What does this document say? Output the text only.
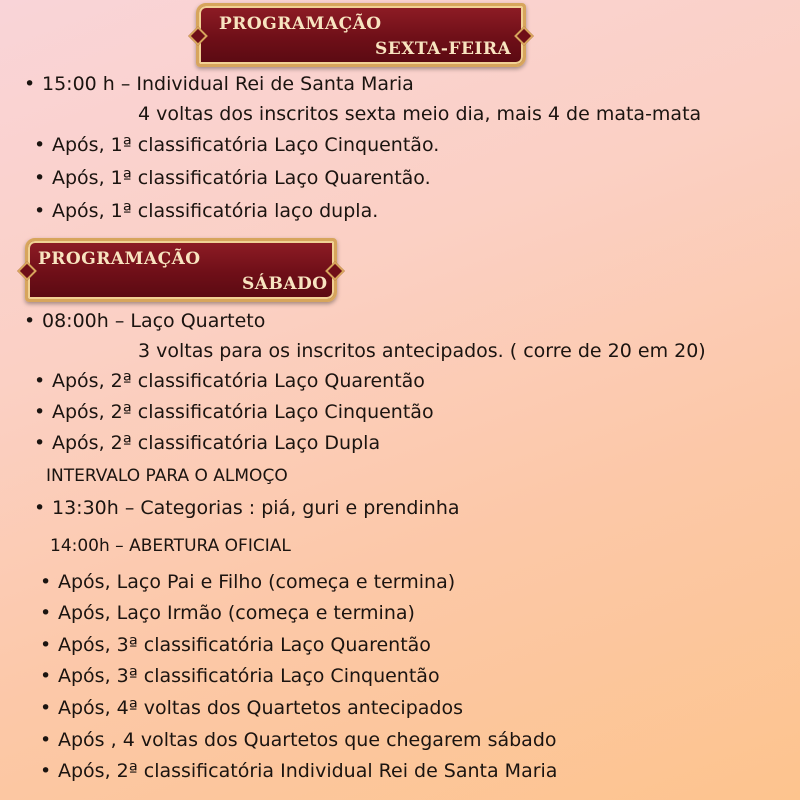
PROGRAMAÇÃO
SEXTA-FEIRA
• 15:00 h – Individual Rei de Santa Maria
4 voltas dos inscritos sexta meio dia, mais 4 de mata-mata
• Após, 1ª classificatória Laço Cinquentão.
• Após, 1ª classificatória Laço Quarentão.
• Após, 1ª classificatória laço dupla.
PROGRAMAÇÃO
SÁBADO
• 08:00h – Laço Quarteto
3 voltas para os inscritos antecipados. ( corre de 20 em 20)
• Após, 2ª classificatória Laço Quarentão
• Após, 2ª classificatória Laço Cinquentão
• Após, 2ª classificatória Laço Dupla
INTERVALO PARA O ALMOÇO
• 13:30h – Categorias : piá, guri e prendinha
14:00h – ABERTURA OFICIAL
• Após, Laço Pai e Filho (começa e termina)
• Após, Laço Irmão (começa e termina)
• Após, 3ª classificatória Laço Quarentão
• Após, 3ª classificatória Laço Cinquentão
• Após, 4ª voltas dos Quartetos antecipados
• Após , 4 voltas dos Quartetos que chegarem sábado
• Após, 2ª classificatória Individual Rei de Santa Maria
